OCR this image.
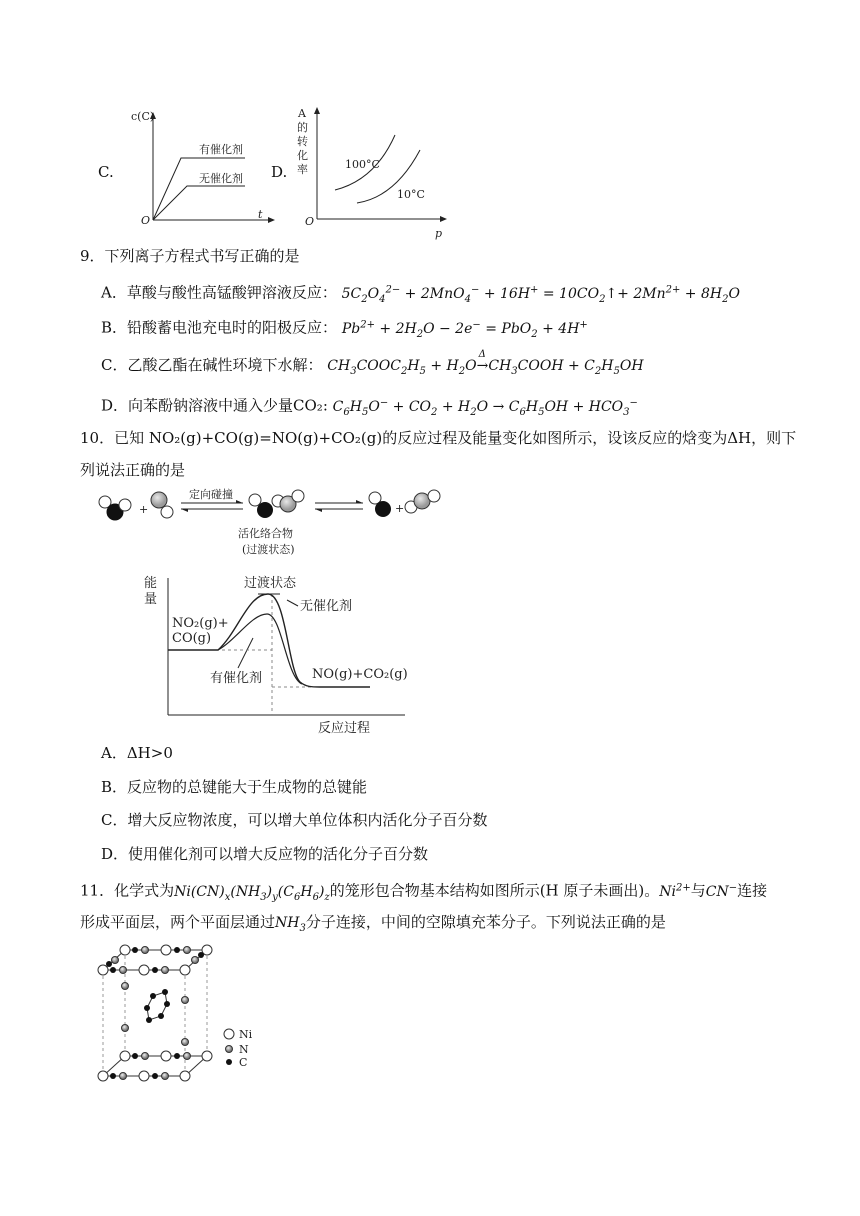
C.
c(C)
O	t
有催化剂
无催化剂 D.
O
p
A 的转化率	100°C
10°C
9．下列离子方程式书写正确的是
A．草酸与酸性高锰酸钾溶液反应： $5C_2O_4^{2-} + 2MnO_4^- + 16H^+$ = $10CO_2↑+ 2Mn^{2+} + 8H_2O$
B．铅酸蓄电池充电时的阳极反应： $Pb^{2+} + 2H_2O - 2e^- = PbO_2 + 4H^+$
C．乙酸乙酯在碱性环境下水解： $CH_3COOC_2H_5 + H_2O\to$
Δ
$CH_3COOH + C_2H_5OH$
D．向苯酚钠溶液中通入少量CO₂: $C_6H_5O^- + CO_2 + H_2O \to C_6H_5OH + HCO_3^-$
10．已知 NO₂(g)+CO(g)=NO(g)+CO₂(g)的反应过程及能量变化如图所示，设该反应的焓变为ΔH，则下
列说法正确的是
+
定向碰撞
活化络合物
(过渡状态)
+
能量
反应过程
过渡状态
无催化剂
NO₂(g)+
CO(g)
有催化剂	NO(g)+CO₂(g)
A．ΔH>0
B．反应物的总键能大于生成物的总键能
C．增大反应物浓度，可以增大单位体积内活化分子百分数
D．使用催化剂可以增大反应物的活化分子百分数
11．化学式为$Ni(CN)_x(NH_3)_y(C_6H_6)_z$的笼形包合物基本结构如图所示(H 原子未画出)。$Ni^{2+}$与CN−连接
形成平面层，两个平面层通过$NH_3$分子连接，中间的空隙填充苯分子。下列说法正确的是
Ni
N
C
